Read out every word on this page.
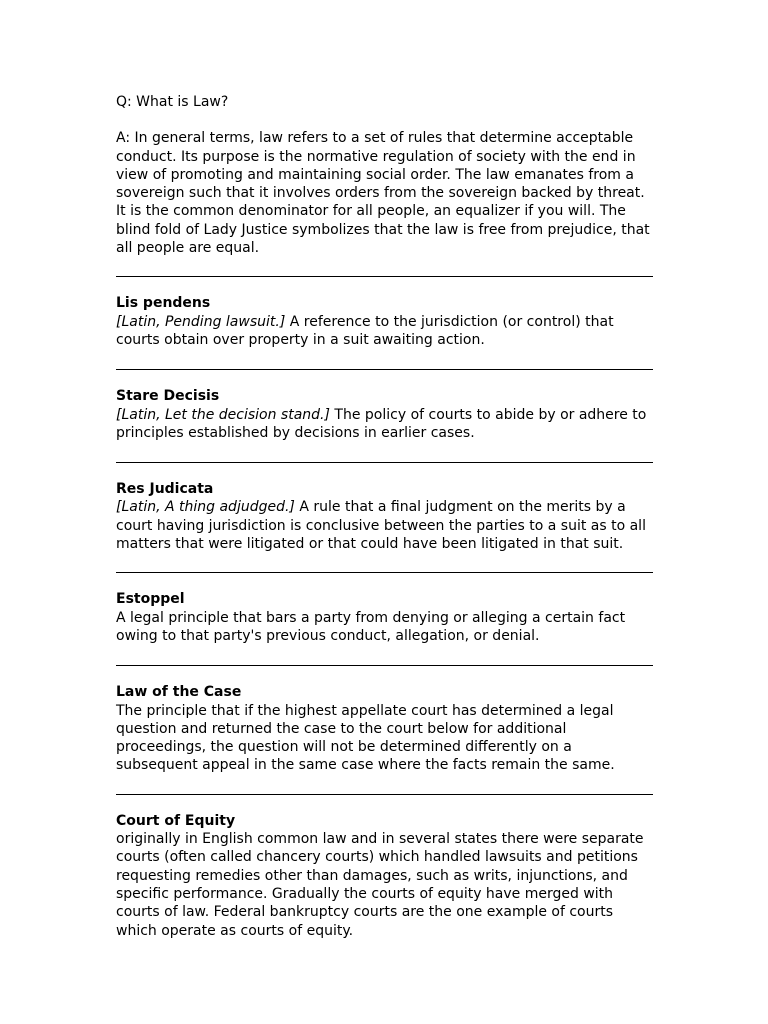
Q: What is Law?

A: In general terms, law refers to a set of rules that determine acceptable conduct. Its purpose is the normative regulation of society with the end in view of promoting and maintaining social order. The law emanates from a sovereign such that it involves orders from the sovereign backed by threat. It is the common denominator for all people, an equalizer if you will. The blind fold of Lady Justice symbolizes that the law is free from prejudice, that all people are equal.

Lis pendens

[Latin, Pending lawsuit.] A reference to the jurisdiction (or control) that courts obtain over property in a suit awaiting action.

Stare Decisis

[Latin, Let the decision stand.] The policy of courts to abide by or adhere to principles established by decisions in earlier cases.

Res Judicata

[Latin, A thing adjudged.] A rule that a final judgment on the merits by a court having jurisdiction is conclusive between the parties to a suit as to all matters that were litigated or that could have been litigated in that suit.

Estoppel

A legal principle that bars a party from denying or alleging a certain fact owing to that party's previous conduct, allegation, or denial.

Law of the Case

The principle that if the highest appellate court has determined a legal question and returned the case to the court below for additional proceedings, the question will not be determined differently on a subsequent appeal in the same case where the facts remain the same.

Court of Equity

originally in English common law and in several states there were separate courts (often called chancery courts) which handled lawsuits and petitions requesting remedies other than damages, such as writs, injunctions, and specific performance. Gradually the courts of equity have merged with courts of law. Federal bankruptcy courts are the one example of courts which operate as courts of equity.
